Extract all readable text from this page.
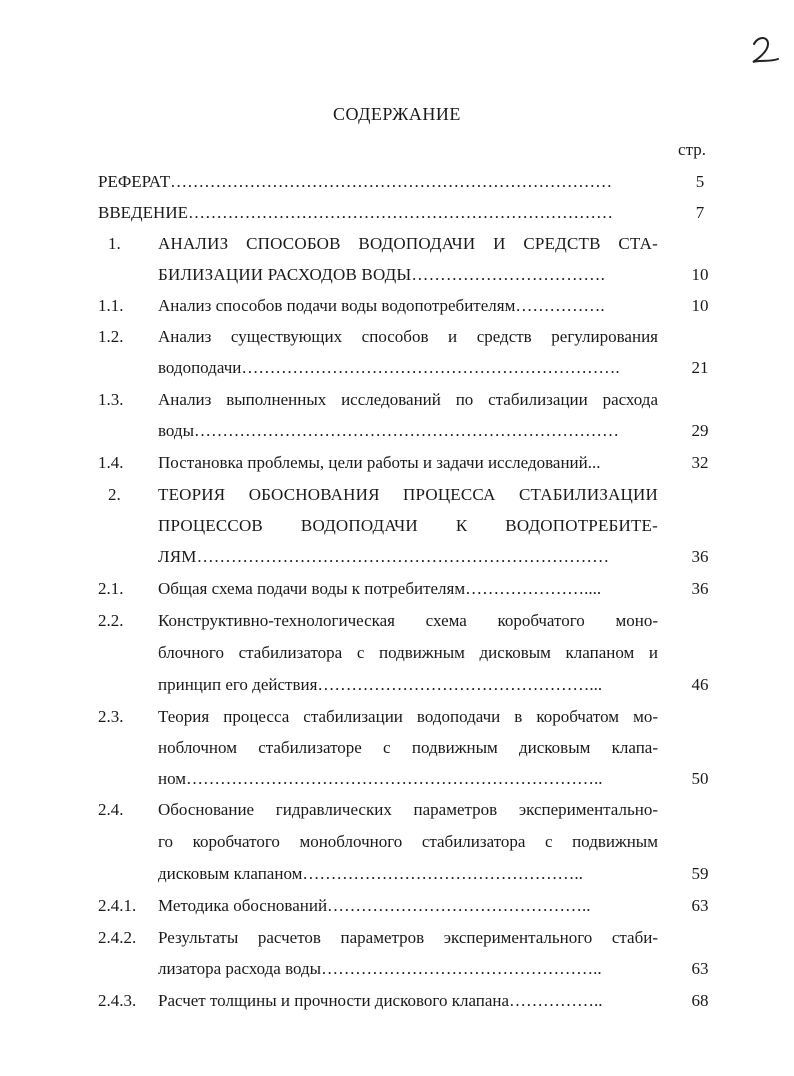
СОДЕРЖАНИЕ
стр.
РЕФЕРАТ……………………………………………………………………	5
ВВЕДЕНИЕ…………………………………………………………………	7
1.	АНАЛИЗ СПОСОБОВ ВОДОПОДАЧИ И СРЕДСТВ СТА-
БИЛИЗАЦИИ РАСХОДОВ ВОДЫ…………………………….	10
1.1.	Анализ способов подачи воды водопотребителям…………….	10
1.2.	Анализ существующих способов и средств регулирования
водоподачи………………………………………………………….	21
1.3.	Анализ выполненных исследований по стабилизации расхода
воды…………………………………………………………………	29
1.4.	Постановка проблемы, цели работы и задачи исследований...	32
2.	ТЕОРИЯ ОБОСНОВАНИЯ ПРОЦЕССА СТАБИЛИЗАЦИИ
ПРОЦЕССОВ ВОДОПОДАЧИ К ВОДОПОТРЕБИТЕ-
ЛЯМ………………………………………………………………	36
2.1.	Общая схема подачи воды к потребителям…………………....	36
2.2.	Конструктивно-технологическая схема коробчатого моно-
блочного стабилизатора с подвижным дисковым клапаном и
принцип его действия…………………………………………...	46
2.3.	Теория процесса стабилизации водоподачи в коробчатом мо-
ноблочном стабилизаторе с подвижным дисковым клапа-
ном………………………………………………………………..	50
2.4.	Обоснование гидравлических параметров экспериментально-
го коробчатого моноблочного стабилизатора с подвижным
дисковым клапаном…………………………………………..	59
2.4.1.	Методика обоснований………………………………………..	63
2.4.2.	Результаты расчетов параметров экспериментального стаби-
лизатора расхода воды…………………………………………..	63
2.4.3.	Расчет толщины и прочности дискового клапана……………..	68
